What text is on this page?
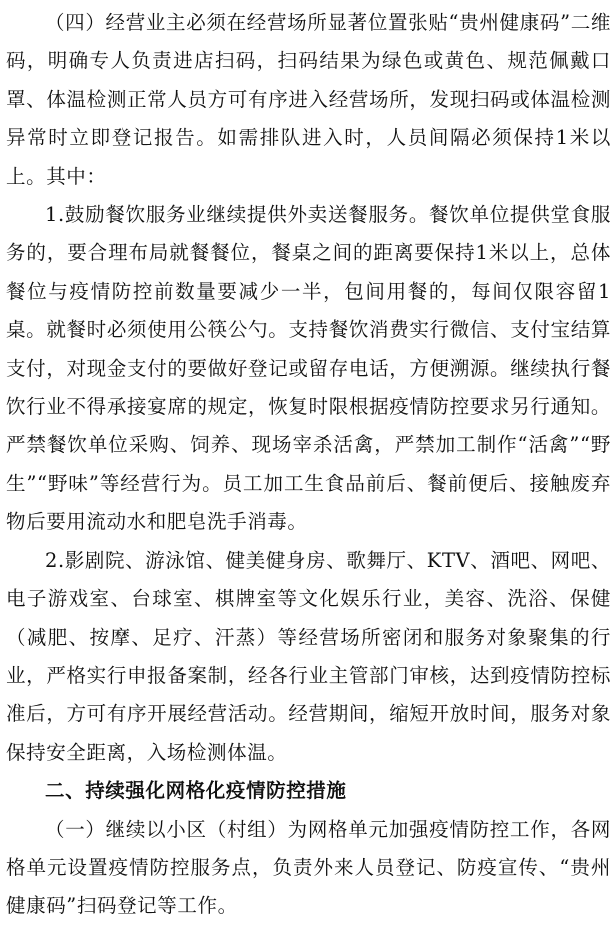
（四）经营业主必须在经营场所显著位置张贴“贵州健康码”二维码，明确专人负责进店扫码，扫码结果为绿色或黄色、规范佩戴口罩、体温检测正常人员方可有序进入经营场所，发现扫码或体温检测异常时立即登记报告。如需排队进入时，人员间隔必须保持1米以上。其中：

1.鼓励餐饮服务业继续提供外卖送餐服务。餐饮单位提供堂食服务的，要合理布局就餐餐位，餐桌之间的距离要保持1米以上，总体餐位与疫情防控前数量要减少一半，包间用餐的，每间仅限容留1桌。就餐时必须使用公筷公勺。支持餐饮消费实行微信、支付宝结算支付，对现金支付的要做好登记或留存电话，方便溯源。继续执行餐饮行业不得承接宴席的规定，恢复时限根据疫情防控要求另行通知。严禁餐饮单位采购、饲养、现场宰杀活禽，严禁加工制作“活禽”“野生”“野味”等经营行为。员工加工生食品前后、餐前便后、接触废弃物后要用流动水和肥皂洗手消毒。

2.影剧院、游泳馆、健美健身房、歌舞厅、KTV、酒吧、网吧、电子游戏室、台球室、棋牌室等文化娱乐行业，美容、洗浴、保健（减肥、按摩、足疗、汗蒸）等经营场所密闭和服务对象聚集的行业，严格实行申报备案制，经各行业主管部门审核，达到疫情防控标准后，方可有序开展经营活动。经营期间，缩短开放时间，服务对象保持安全距离，入场检测体温。

二、持续强化网格化疫情防控措施

（一）继续以小区（村组）为网格单元加强疫情防控工作，各网格单元设置疫情防控服务点，负责外来人员登记、防疫宣传、“贵州健康码”扫码登记等工作。
